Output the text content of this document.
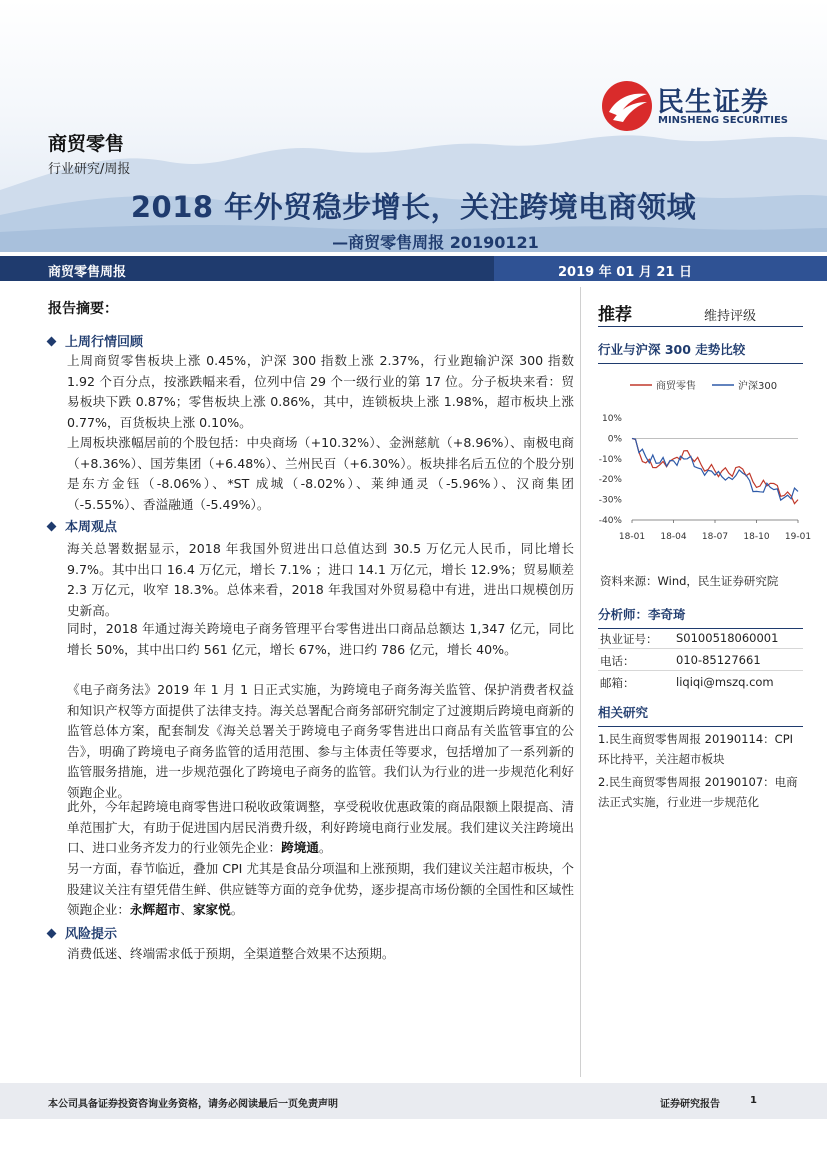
民生证券
MINSHENG SECURITIES
商贸零售
行业研究/周报
2018 年外贸稳步增长，关注跨境电商领域
—商贸零售周报 20190121
商贸零售周报	2019 年 01 月 21 日
报告摘要：
上周行情回顾
上周商贸零售板块上涨 0.45%，沪深 300 指数上涨 2.37%，行业跑输沪深 300 指数 1.92 个百分点，按涨跌幅来看，位列中信 29 个一级行业的第 17 位。分子板块来看：贸易板块下跌 0.87%；零售板块上涨 0.86%，其中，连锁板块上涨 1.98%，超市板块上涨 0.77%，百货板块上涨 0.10%。
上周板块涨幅居前的个股包括：中央商场（+10.32%）、金洲慈航（+8.96%）、南极电商（+8.36%）、国芳集团（+6.48%）、兰州民百（+6.30%）。板块排名后五位的个股分别是东方金钰（-8.06%）、*ST 成城（-8.02%）、莱绅通灵（-5.96%）、汉商集团（-5.55%）、香溢融通（-5.49%）。
本周观点
海关总署数据显示，2018 年我国外贸进出口总值达到 30.5 万亿元人民币，同比增长 9.7%。其中出口 16.4 万亿元，增长 7.1% ；进口 14.1 万亿元，增长 12.9%；贸易顺差 2.3 万亿元，收窄 18.3%。总体来看，2018 年我国对外贸易稳中有进，进出口规模创历史新高。
同时，2018 年通过海关跨境电子商务管理平台零售进出口商品总额达 1,347 亿元，同比增长 50%，其中出口约 561 亿元，增长 67%，进口约 786 亿元，增长 40%。
《电子商务法》2019 年 1 月 1 日正式实施，为跨境电子商务海关监管、保护消费者权益和知识产权等方面提供了法律支持。海关总署配合商务部研究制定了过渡期后跨境电商新的监管总体方案，配套制发《海关总署关于跨境电子商务零售进出口商品有关监管事宜的公告》，明确了跨境电子商务监管的适用范围、参与主体责任等要求，包括增加了一系列新的监管服务措施，进一步规范强化了跨境电子商务的监管。我们认为行业的进一步规范化利好领跑企业。
此外，今年起跨境电商零售进口税收政策调整，享受税收优惠政策的商品限额上限提高、清单范围扩大，有助于促进国内居民消费升级，利好跨境电商行业发展。我们建议关注跨境出口、进口业务齐发力的行业领先企业：跨境通。
另一方面，春节临近，叠加 CPI 尤其是食品分项温和上涨预期，我们建议关注超市板块，个股建议关注有望凭借生鲜、供应链等方面的竞争优势，逐步提高市场份额的全国性和区域性领跑企业：永辉超市、家家悦。
风险提示
消费低迷、终端需求低于预期，全渠道整合效果不达预期。
推荐	维持评级
行业与沪深 300 走势比较
商贸零售	沪深300
10%
0%
-10%
-20%
-30%
-40%
18-01 18-04 18-07 18-10 19-01
资料来源：Wind，民生证券研究院
分析师：李奇琦
执业证号： S0100518060001
电话：	010-85127661
邮箱：	liqiqi@mszq.com
相关研究
1.民生商贸零售周报 20190114：CPI 环比持平，关注超市板块
2.民生商贸零售周报 20190107：电商法正式实施，行业进一步规范化
本公司具备证券投资咨询业务资格，请务必阅读最后一页免责声明	证券研究报告	1
